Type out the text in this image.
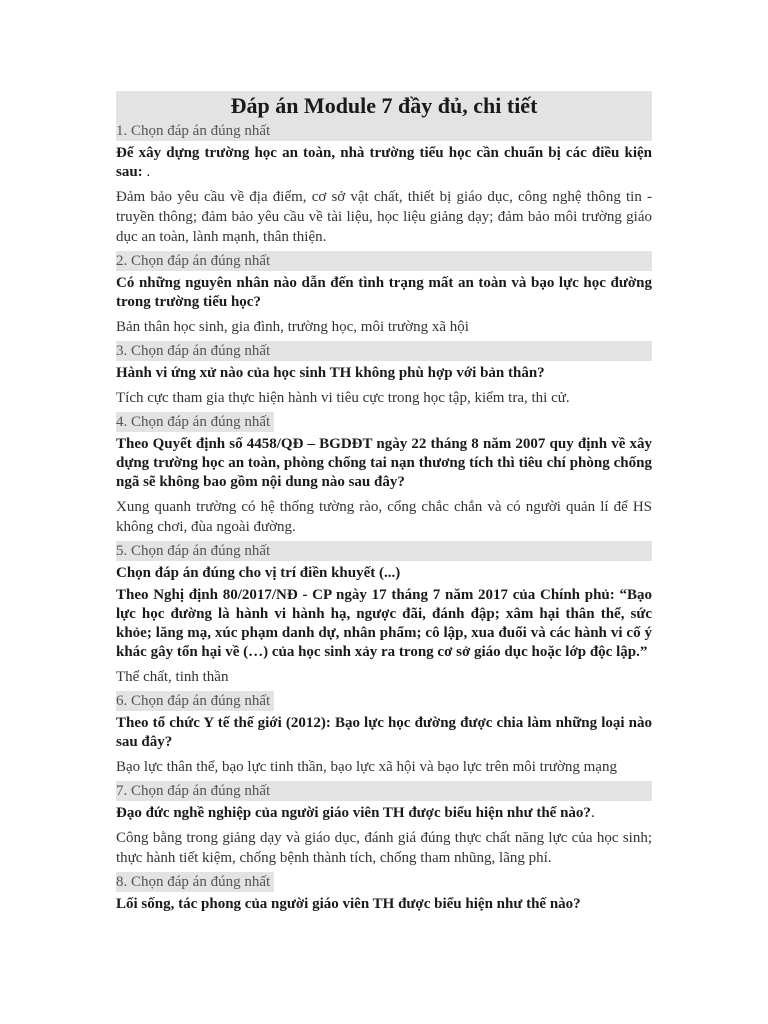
Đáp án Module 7 đầy đủ, chi tiết
1. Chọn đáp án đúng nhất
Để xây dựng trường học an toàn, nhà trường tiểu học cần chuẩn bị các điều kiện sau: .
Đảm bảo yêu cầu về địa điểm, cơ sở vật chất, thiết bị giáo dục, công nghệ thông tin - truyền thông; đảm bảo yêu cầu về tài liệu, học liệu giảng dạy; đảm bảo môi trường giáo dục an toàn, lành mạnh, thân thiện.
2. Chọn đáp án đúng nhất
Có những nguyên nhân nào dẫn đến tình trạng mất an toàn và bạo lực học đường trong trường tiểu học?
Bản thân học sinh, gia đình, trường học, môi trường xã hội
3. Chọn đáp án đúng nhất
Hành vi ứng xử nào của học sinh TH không phù hợp với bản thân?
Tích cực tham gia thực hiện hành vi tiêu cực trong học tập, kiểm tra, thi cử.
4. Chọn đáp án đúng nhất
Theo Quyết định số 4458/QĐ – BGDĐT ngày 22 tháng 8 năm 2007 quy định về xây dựng trường học an toàn, phòng chống tai nạn thương tích thì tiêu chí phòng chống ngã sẽ không bao gồm nội dung nào sau đây?
Xung quanh trường có hệ thống tường rào, cổng chắc chắn và có người quản lí để HS không chơi, đùa ngoài đường.
5. Chọn đáp án đúng nhất
Chọn đáp án đúng cho vị trí điền khuyết (...)
Theo Nghị định 80/2017/NĐ - CP ngày 17 tháng 7 năm 2017 của Chính phủ: “Bạo lực học đường là hành vi hành hạ, ngược đãi, đánh đập; xâm hại thân thể, sức khỏe; lăng mạ, xúc phạm danh dự, nhân phẩm; cô lập, xua đuổi và các hành vi cố ý khác gây tổn hại về (…) của học sinh xảy ra trong cơ sở giáo dục hoặc lớp độc lập.”
Thể chất, tinh thần
6. Chọn đáp án đúng nhất
Theo tổ chức Y tế thế giới (2012): Bạo lực học đường được chia làm những loại nào sau đây?
Bạo lực thân thể, bạo lực tinh thần, bạo lực xã hội và bạo lực trên môi trường mạng
7. Chọn đáp án đúng nhất
Đạo đức nghề nghiệp của người giáo viên TH được biểu hiện như thế nào?.
Công bằng trong giảng dạy và giáo dục, đánh giá đúng thực chất năng lực của học sinh; thực hành tiết kiệm, chống bệnh thành tích, chống tham nhũng, lãng phí.
8. Chọn đáp án đúng nhất
Lối sống, tác phong của người giáo viên TH được biểu hiện như thế nào?
